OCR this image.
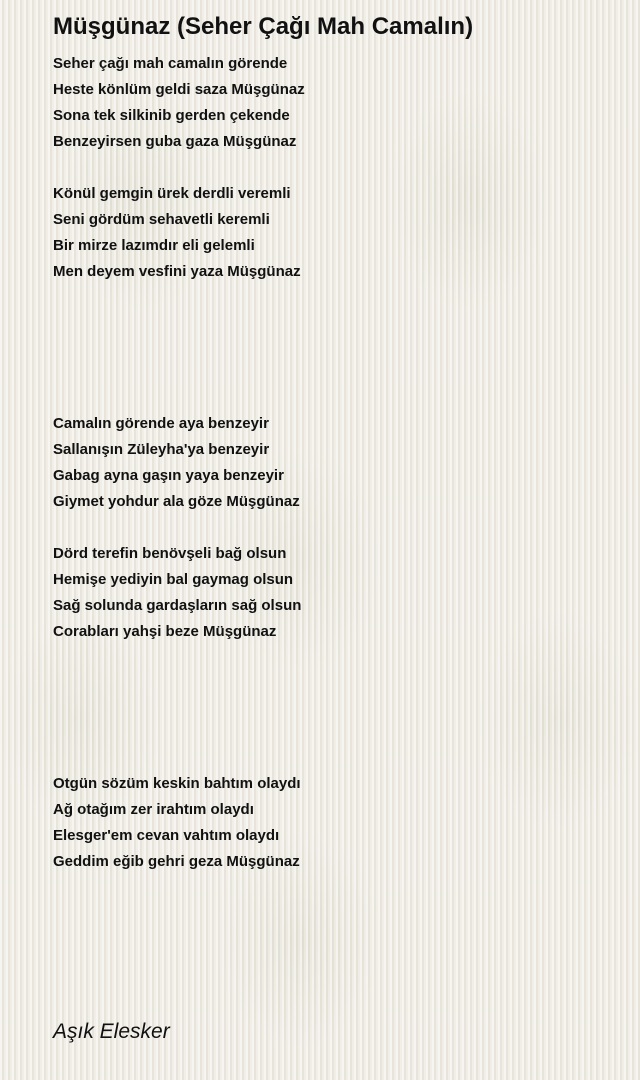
Müşgünaz (Seher Çağı Mah Camalın)
Seher çağı mah camalın görende
Heste könlüm geldi saza Müşgünaz
Sona tek silkinib gerden çekende
Benzeyirsen guba gaza Müşgünaz
Könül gemgin ürek derdli veremli
Seni gördüm sehavetli keremli
Bir mirze lazımdır eli gelemli
Men deyem vesfini yaza Müşgünaz
Camalın görende aya benzeyir
Sallanışın Züleyha'ya benzeyir
Gabag ayna gaşın yaya benzeyir
Giymet yohdur ala göze Müşgünaz
Dörd terefin benövşeli bağ olsun
Hemişe yediyin bal gaymag olsun
Sağ solunda gardaşların sağ olsun
Corabları yahşi beze Müşgünaz
Otgün sözüm keskin bahtım olaydı
Ağ otağım zer irahtım olaydı
Elesger'em cevan vahtım olaydı
Geddim eğib gehri geza Müşgünaz
Aşık Elesker
